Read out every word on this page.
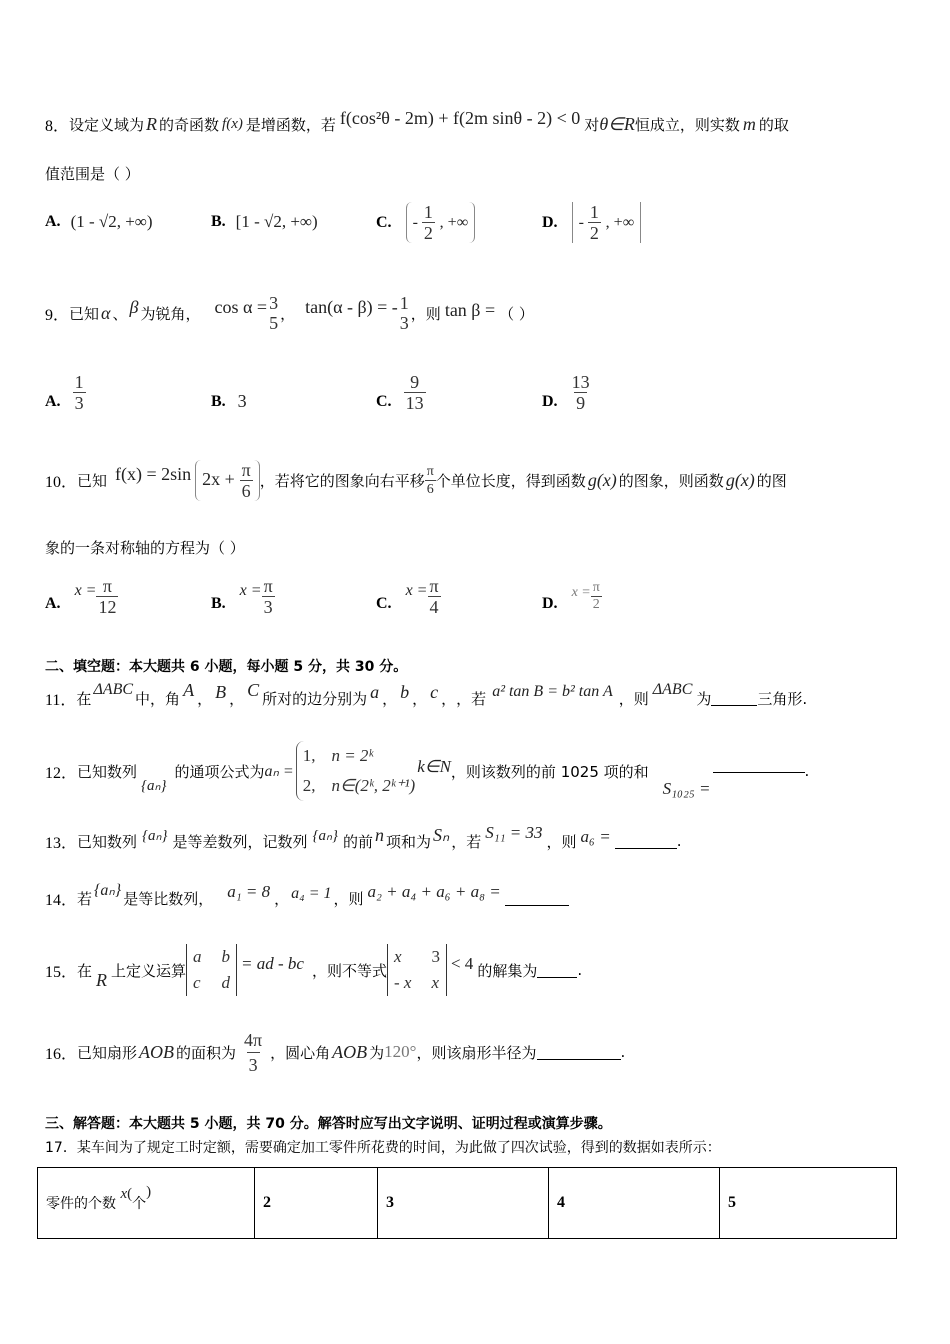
8． 设定义域为 R 的奇函数 f(x) 是增函数，若 f(cos²θ - 2m) + f(2m sinθ - 2) < 0 对 θ∈R 恒成立，则实数 m 的取
值范围是（ ）
A. (1 - √2, +∞)	B. [1 - √2, +∞)	C.	- $\frac{1}{2}$ , +∞	D.	- $\frac{1}{2}$ , +∞
9． 已知 α 、 β 为锐角， cos α = 3
5 ， tan(α - β) = - 1
3 ，则 tan β = （ ）
A. $\frac{1}{3}$	B. 3	C. $\frac{9}{13}$	D. $\frac{13}{9}$
10． 已知 f(x) = 2sin $2x + \frac{\pi}{6}$ ，若将它的图象向右平移 $\frac{\pi}{6}$ 个单位长度，得到函数 g(x) 的图象，则函数 g(x) 的图
象的一条对称轴的方程为（ ）
A.
$x = \frac{\pi}{12}$	B.
$x = \frac{\pi}{3}$	C.
$x = \frac{\pi}{4}$	D.
$x = \frac{\pi}{2}$
二、填空题：本大题共 6 小题，每小题 5 分，共 30 分。
11． 在 ΔABC 中，角 A ， B ， C 所对的边分别为 a ， b ， c ， ，若 a² tan B = b² tan A ，则 ΔABC 为	三角形.
12． 已知数列
{aₙ}
的通项公式为 aₙ =
1, n = 2ᵏ
2, n∈(2ᵏ, 2ᵏ⁺¹)
k∈N ，则该数列的前 1025 项的和
S₁₀₂₅ =
.
13． 已知数列 {aₙ} 是等差数列，记数列 {aₙ} 的前 n 项和为 Sₙ ，若 S₁₁ = 33 ，则 a₆ =	.
14． 若 {aₙ} 是等比数列， a₁ = 8 ， a₄ = 1 ，则 a₂ + a₄ + a₆ + a₈ =
15． 在 R 上定义运算
a b
c d
= ad - bc ，则不等式
x	3
- x x
< 4 的解集为	.
16． 已知扇形 AOB 的面积为 $\frac{4\pi}{3}$ ，圆心角 AOB 为 120° ，则该扇形半径为	.
三、解答题：本大题共 5 小题，共 70 分。解答时应写出文字说明、证明过程或演算步骤。
17．某车间为了规定工时定额，需要确定加工零件所花费的时间，为此做了四次试验，得到的数据如表所示：
零件的个数 x(个)	2	3	4	5
